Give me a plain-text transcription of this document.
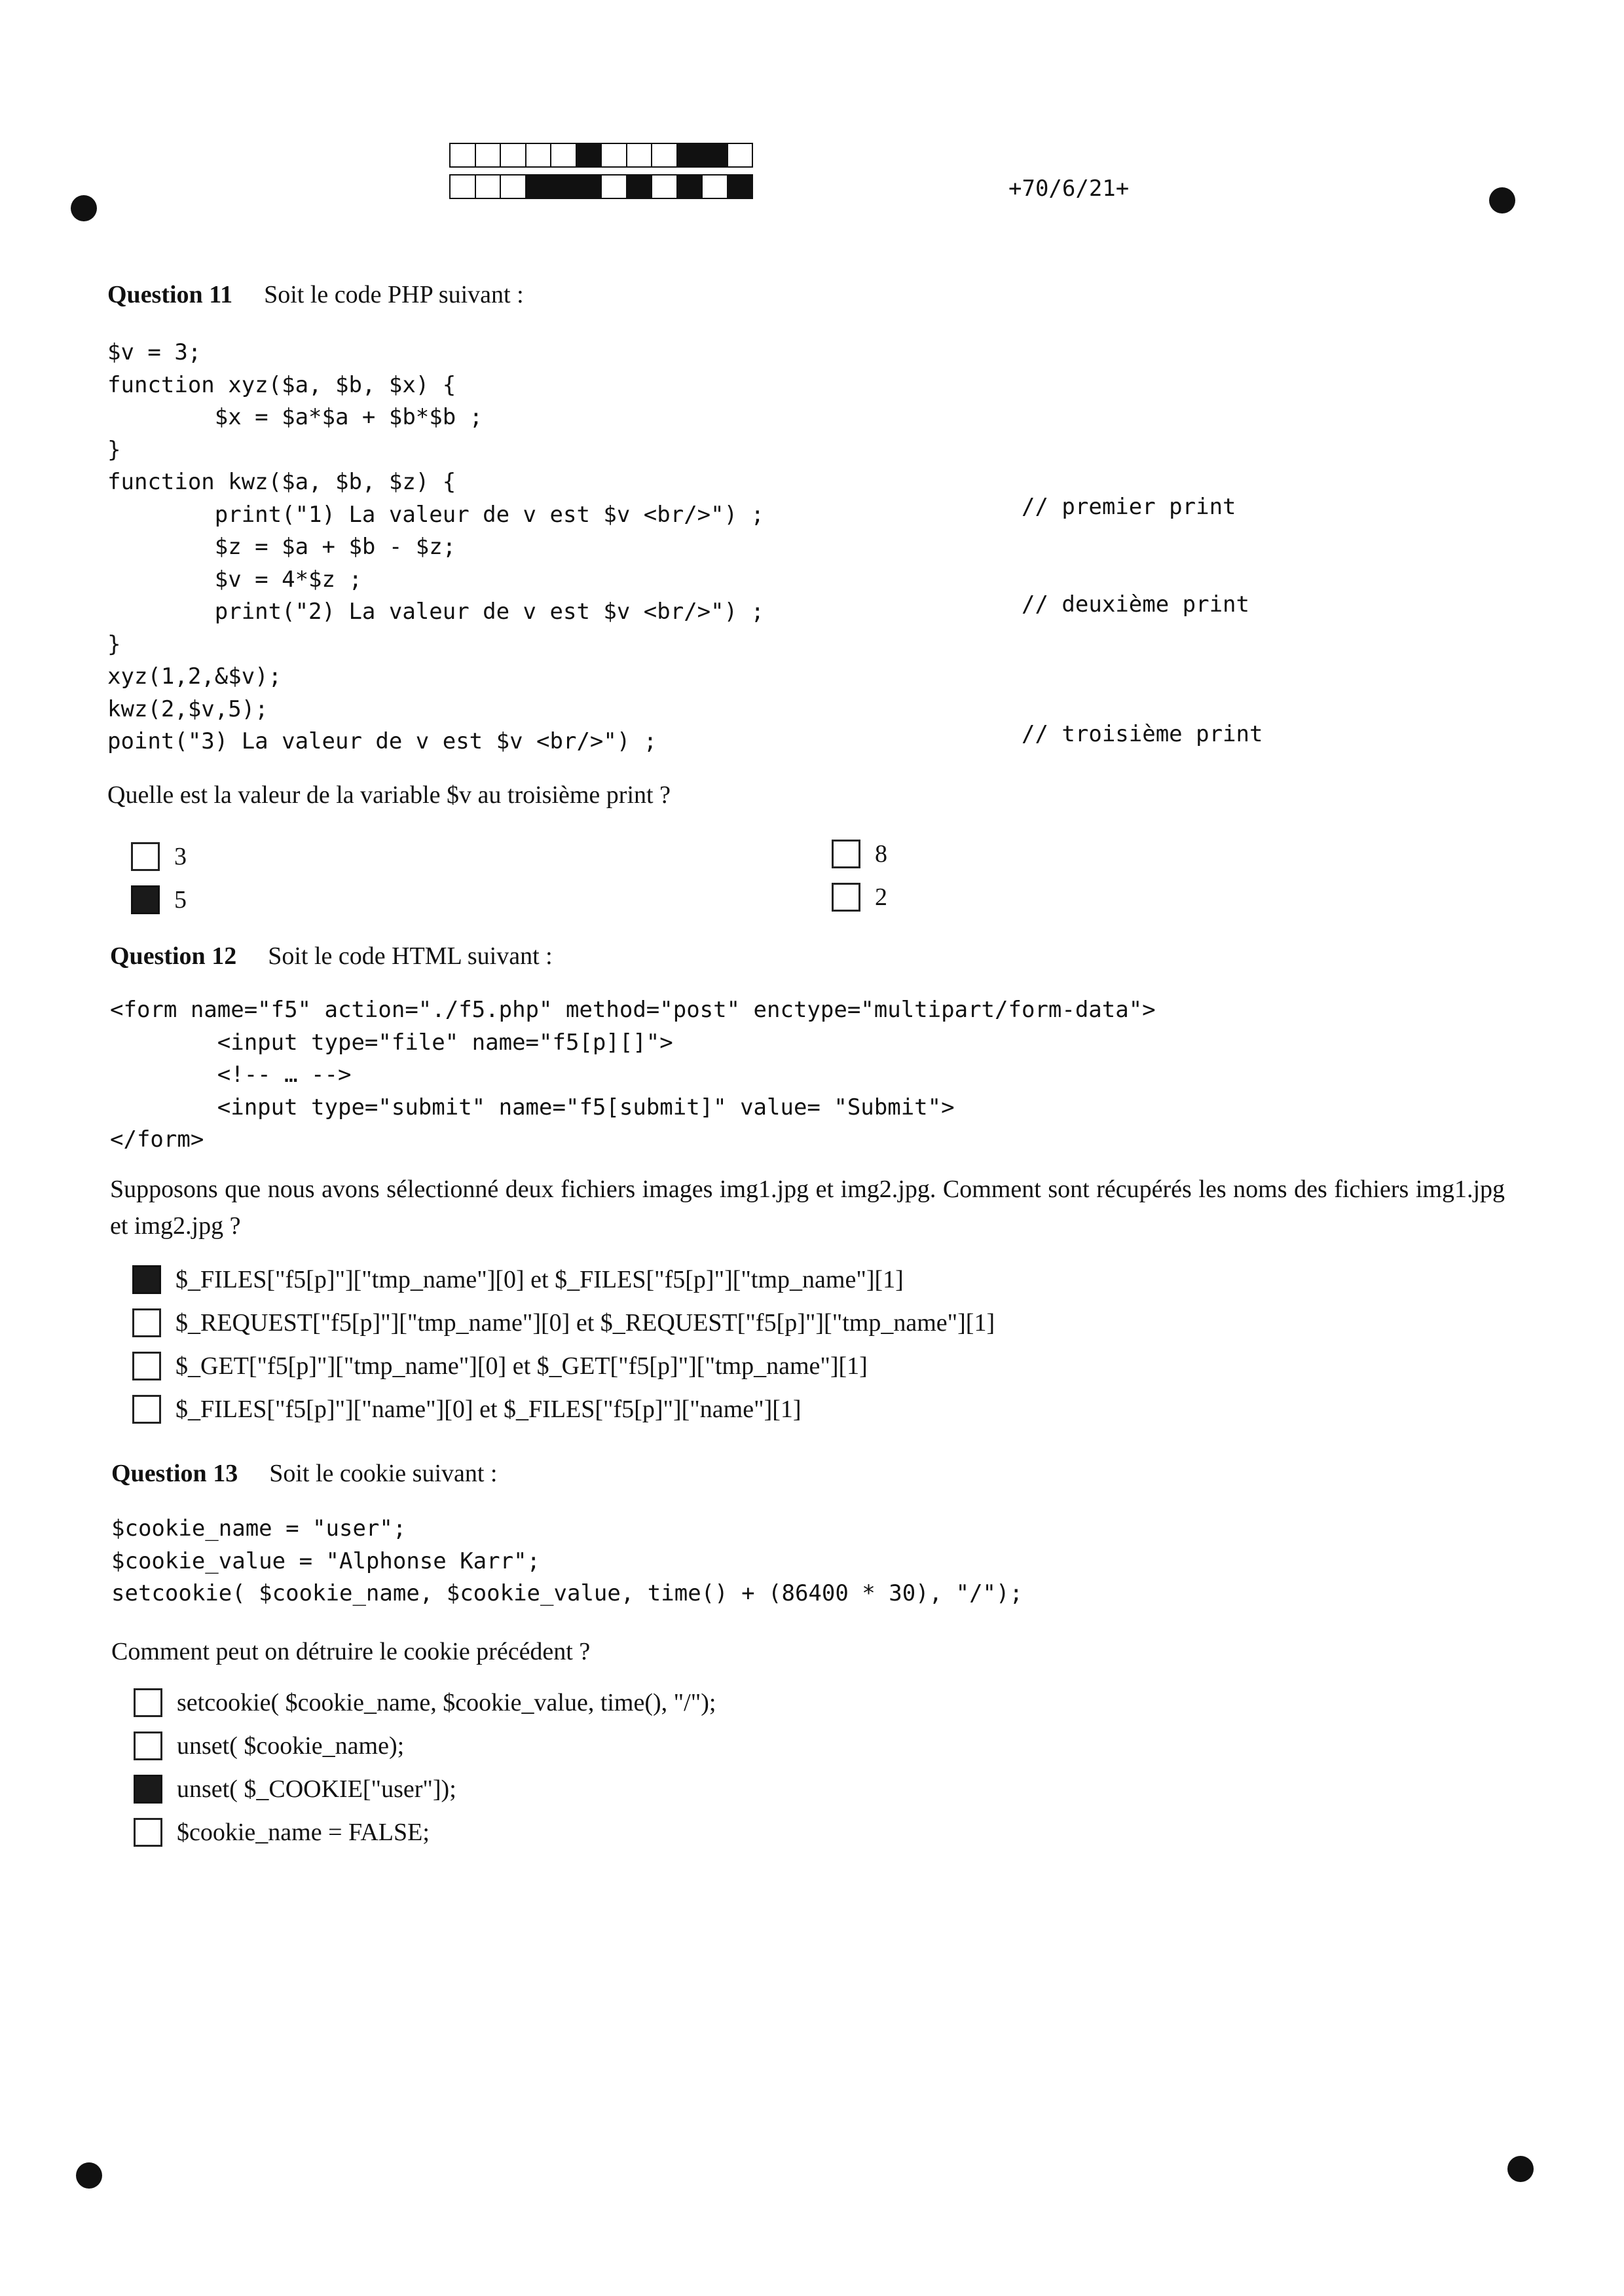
+70/6/21+
Question 11 Soit le code PHP suivant :
$v = 3;
function xyz($a, $b, $x) {
$x = $a*$a + $b*$b ;
}
function kwz($a, $b, $z) {
print("1) La valeur de v est $v <br/>") ;
$z = $a + $b - $z;
$v = 4*$z ;
print("2) La valeur de v est $v <br/>") ;
}
xyz(1,2,&$v);
kwz(2,$v,5);
point("3) La valeur de v est $v <br/>") ;
// premier print
// deuxième print
// troisième print
Quelle est la valeur de la variable $v au troisième print ?
3
5
8
2
Question 12 Soit le code HTML suivant :
<form name="f5" action="./f5.php" method="post" enctype="multipart/form-data">
<input type="file" name="f5[p][]">
<!-- … -->
<input type="submit" name="f5[submit]" value= "Submit">
</form>
Supposons que nous avons sélectionné deux fichiers images img1.jpg et img2.jpg. Comment sont récupérés les noms des fichiers img1.jpg et img2.jpg ?
$_FILES["f5[p]"]["tmp_name"][0] et $_FILES["f5[p]"]["tmp_name"][1]
$_REQUEST["f5[p]"]["tmp_name"][0] et $_REQUEST["f5[p]"]["tmp_name"][1]
$_GET["f5[p]"]["tmp_name"][0] et $_GET["f5[p]"]["tmp_name"][1]
$_FILES["f5[p]"]["name"][0] et $_FILES["f5[p]"]["name"][1]
Question 13 Soit le cookie suivant :
$cookie_name = "user";
$cookie_value = "Alphonse Karr";
setcookie( $cookie_name, $cookie_value, time() + (86400 * 30), "/");
Comment peut on détruire le cookie précédent ?
setcookie( $cookie_name, $cookie_value, time(), "/");
unset( $cookie_name);
unset( $_COOKIE["user"]);
$cookie_name = FALSE;
